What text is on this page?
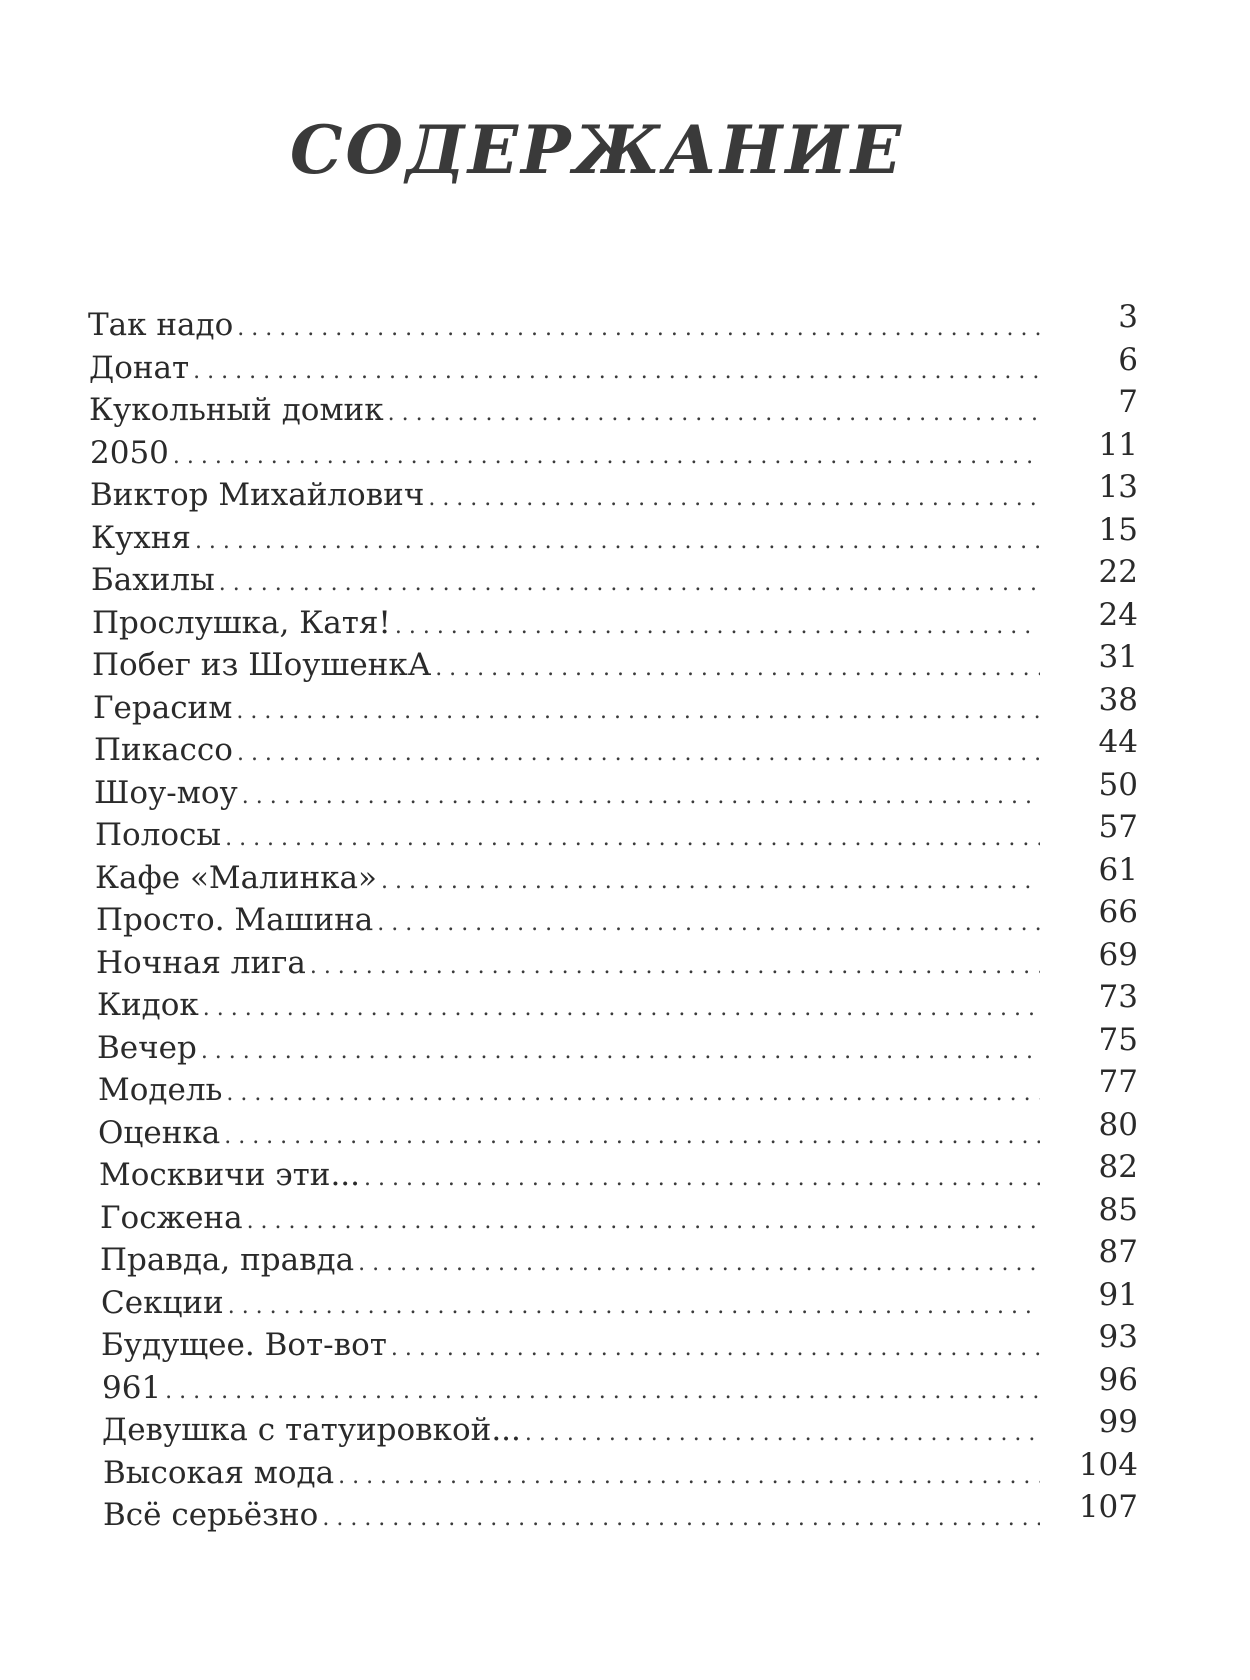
СОДЕРЖАНИЕ
Так надо . . .	3
Донат . . .	6
Кукольный домик . . .	7
2050 . . .	11
Виктор Михайлович . . .	13
Кухня . . .	15
Бахилы . . .	22
Прослушка, Катя! . . .	24
Побег из ШоушенкА . . .	31
Герасим . . .	38
Пикассо . . .	44
Шоу-моу . . .	50
Полосы . . .	57
Кафе «Малинка» . . .	61
Просто. Машина . . .	66
Ночная лига . . .	69
Кидок . . .	73
Вечер . . .	75
Модель . . .	77
Оценка . . .	80
Москвичи эти... . . .	82
Госжена . . .	85
Правда, правда . . .	87
Секции . . .	91
Будущее. Вот-вот . . .	93
961 . . .	96
Девушка с татуировкой... . . .	99
Высокая мода . . .	104
Всё серьёзно . . .	107
